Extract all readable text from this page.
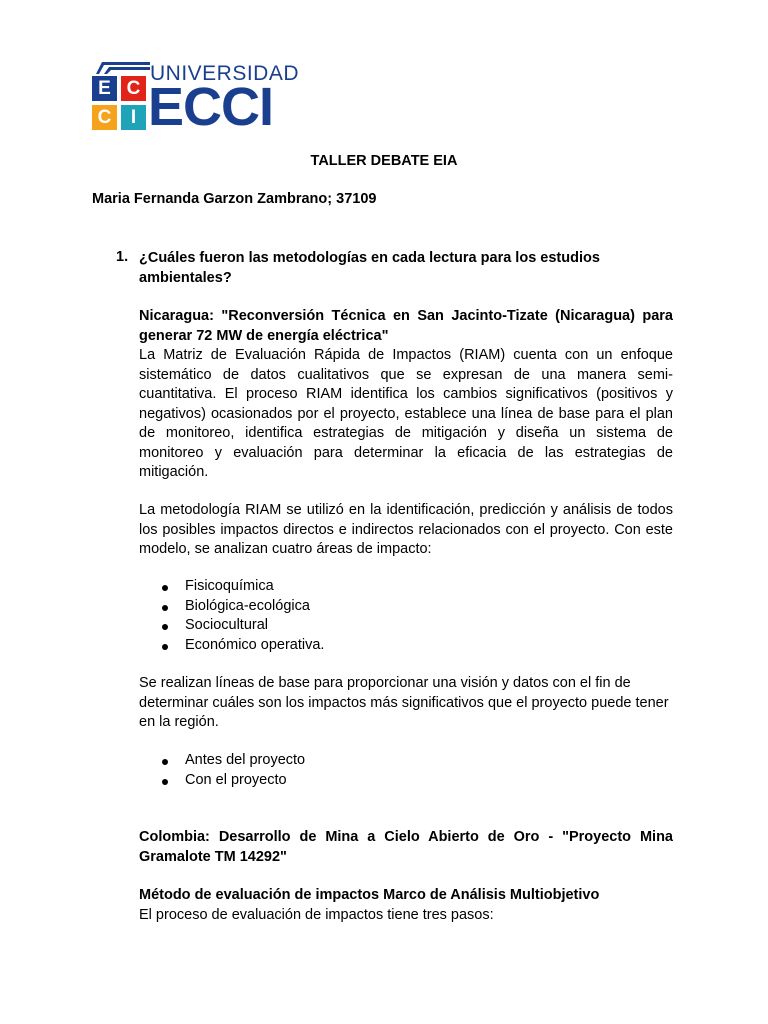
E C
C	I
UNIVERSIDAD
ECCI
TALLER DEBATE EIA
Maria Fernanda Garzon Zambrano; 37109
1. ¿Cuáles fueron las metodologías en cada lectura para los estudios ambientales?
Nicaragua: "Reconversión Técnica en San Jacinto-Tizate (Nicaragua) para generar 72 MW de energía eléctrica"
La Matriz de Evaluación Rápida de Impactos (RIAM) cuenta con un enfoque sistemático de datos cualitativos que se expresan de una manera semi-cuantitativa. El proceso RIAM identifica los cambios significativos (positivos y negativos) ocasionados por el proyecto, establece una línea de base para el plan de monitoreo, identifica estrategias de mitigación y diseña un sistema de monitoreo y evaluación para determinar la eficacia de las estrategias de mitigación.
La metodología RIAM se utilizó en la identificación, predicción y análisis de todos los posibles impactos directos e indirectos relacionados con el proyecto. Con este modelo, se analizan cuatro áreas de impacto:
Fisicoquímica
Biológica-ecológica
Sociocultural
Económico operativa.
Se realizan líneas de base para proporcionar una visión y datos con el fin de determinar cuáles son los impactos más significativos que el proyecto puede tener en la región.
Antes del proyecto
Con el proyecto
Colombia: Desarrollo de Mina a Cielo Abierto de Oro - "Proyecto Mina Gramalote TM 14292"
Método de evaluación de impactos Marco de Análisis Multiobjetivo
El proceso de evaluación de impactos tiene tres pasos:
